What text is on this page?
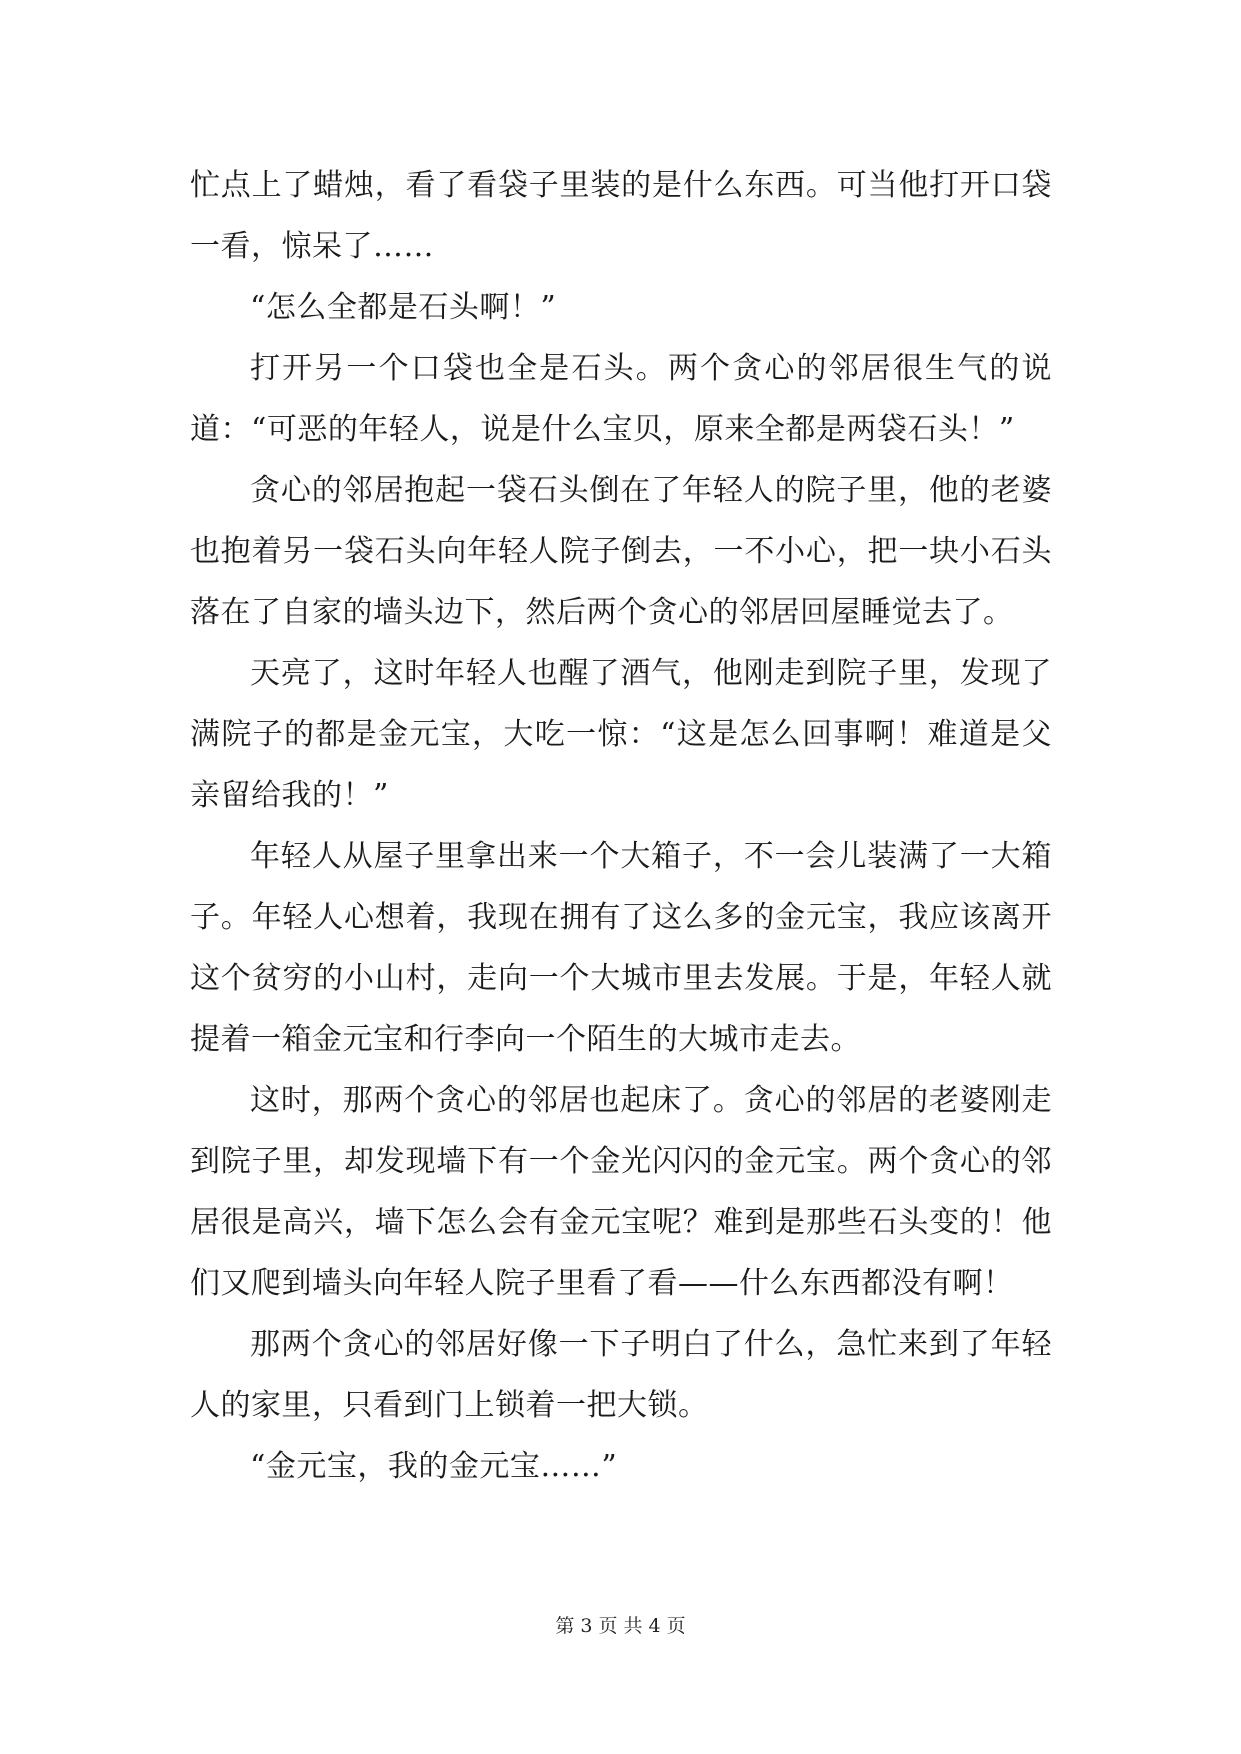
忙点上了蜡烛，看了看袋子里装的是什么东西。可当他打开口袋一看，惊呆了……

“怎么全都是石头啊！”

打开另一个口袋也全是石头。两个贪心的邻居很生气的说道：“可恶的年轻人，说是什么宝贝，原来全都是两袋石头！”

贪心的邻居抱起一袋石头倒在了年轻人的院子里，他的老婆也抱着另一袋石头向年轻人院子倒去，一不小心，把一块小石头落在了自家的墙头边下，然后两个贪心的邻居回屋睡觉去了。

天亮了，这时年轻人也醒了酒气，他刚走到院子里，发现了满院子的都是金元宝，大吃一惊：“这是怎么回事啊！难道是父亲留给我的！”

年轻人从屋子里拿出来一个大箱子，不一会儿装满了一大箱子。年轻人心想着，我现在拥有了这么多的金元宝，我应该离开这个贫穷的小山村，走向一个大城市里去发展。于是，年轻人就提着一箱金元宝和行李向一个陌生的大城市走去。

这时，那两个贪心的邻居也起床了。贪心的邻居的老婆刚走到院子里，却发现墙下有一个金光闪闪的金元宝。两个贪心的邻居很是高兴，墙下怎么会有金元宝呢？难到是那些石头变的！他们又爬到墙头向年轻人院子里看了看——什么东西都没有啊！

那两个贪心的邻居好像一下子明白了什么，急忙来到了年轻人的家里，只看到门上锁着一把大锁。

“金元宝，我的金元宝……”

第 3 页 共 4 页
